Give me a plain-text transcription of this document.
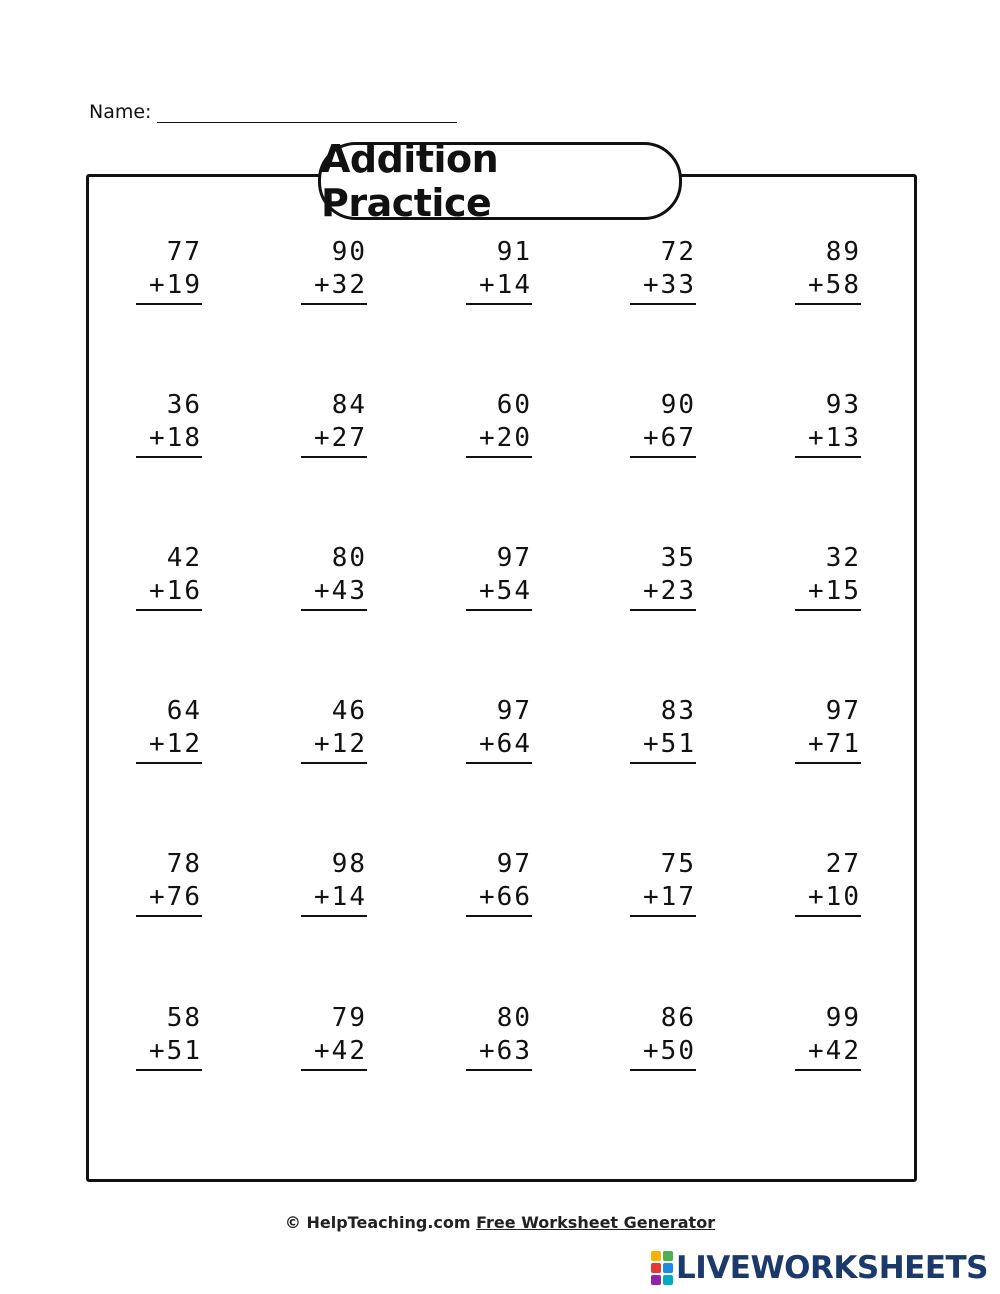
Name:
Addition Practice
77
+19
90
+32
91
+14
72
+33
89
+58
36
+18
84
+27
60
+20
90
+67
93
+13
42
+16
80
+43
97
+54
35
+23
32
+15
64
+12
46
+12
97
+64
83
+51
97
+71
78
+76
98
+14
97
+66
75
+17
27
+10
58
+51
79
+42
80
+63
86
+50
99
+42
© HelpTeaching.com Free Worksheet Generator
LIVEWORKSHEETS
